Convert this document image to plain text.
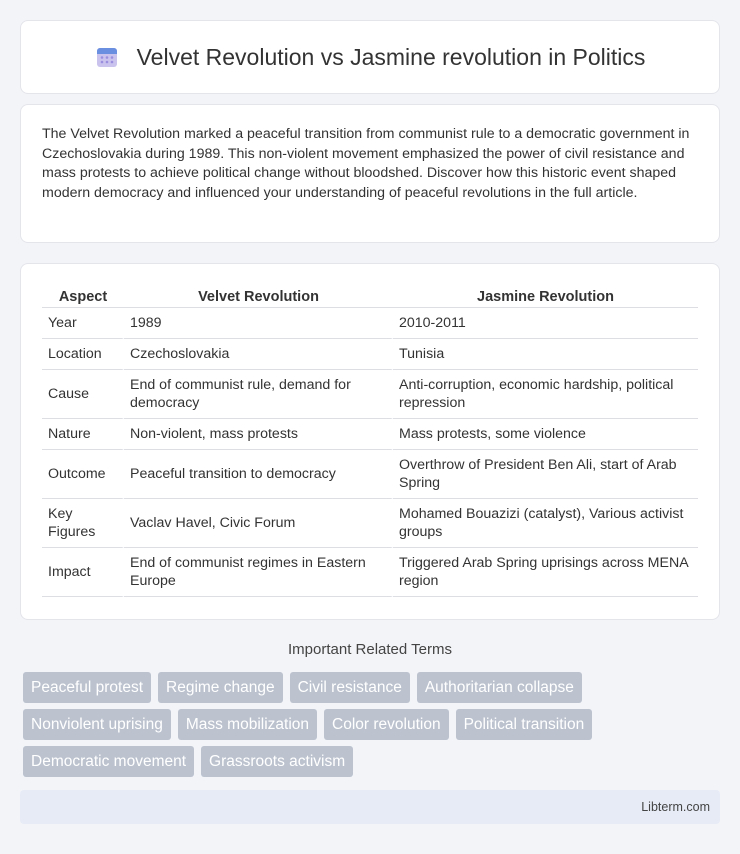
Velvet Revolution vs Jasmine revolution in Politics

The Velvet Revolution marked a peaceful transition from communist rule to a democratic government in Czechoslovakia during 1989. This non-violent movement emphasized the power of civil resistance and mass protests to achieve political change without bloodshed. Discover how this historic event shaped modern democracy and influenced your understanding of peaceful revolutions in the full article.

Aspect	Velvet Revolution	Jasmine Revolution
Year	1989	2010-2011
Location	Czechoslovakia	Tunisia
Cause	End of communist rule, demand for democracy	Anti-corruption, economic hardship, political repression
Nature	Non-violent, mass protests	Mass protests, some violence
Outcome	Peaceful transition to democracy	Overthrow of President Ben Ali, start of Arab Spring
Key Figures	Vaclav Havel, Civic Forum	Mohamed Bouazizi (catalyst), Various activist groups
Impact	End of communist regimes in Eastern Europe	Triggered Arab Spring uprisings across MENA region
Important Related Terms
Peaceful protest	Regime change	Civil resistance	Authoritarian collapse
Nonviolent uprising	Mass mobilization	Color revolution	Political transition
Democratic movement	Grassroots activism
Libterm.com
